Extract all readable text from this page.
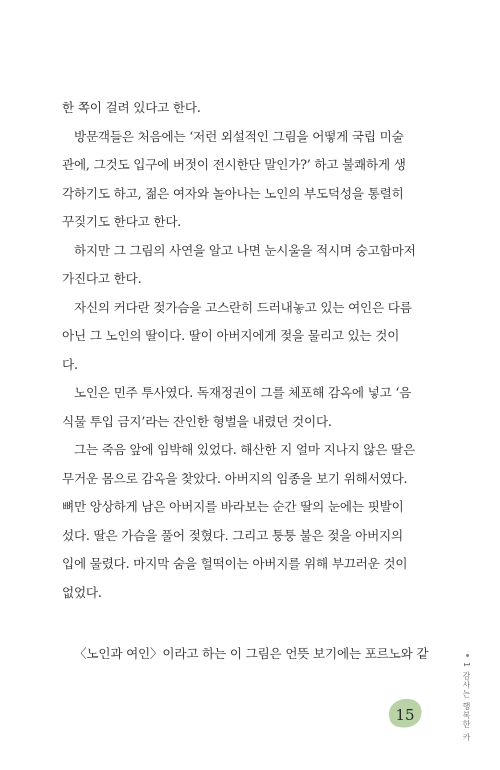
한 쪽이 걸려 있다고 한다.
방문객들은 처음에는 ‘저런 외설적인 그림을 어떻게 국립 미술
관에, 그것도 입구에 버젓이 전시한단 말인가?’ 하고 불쾌하게 생
각하기도 하고, 젊은 여자와 놀아나는 노인의 부도덕성을 통렬히
꾸짖기도 한다고 한다.
하지만 그 그림의 사연을 알고 나면 눈시울을 적시며 숭고함마저
가진다고 한다.
자신의 커다란 젖가슴을 고스란히 드러내놓고 있는 여인은 다름
아닌 그 노인의 딸이다. 딸이 아버지에게 젖을 물리고 있는 것이
다.
노인은 민주 투사였다. 독재정권이 그를 체포해 감옥에 넣고 ‘음
식물 투입 금지’라는 잔인한 형벌을 내렸던 것이다.
그는 죽음 앞에 임박해 있었다. 해산한 지 얼마 지나지 않은 딸은
무거운 몸으로 감옥을 찾았다. 아버지의 임종을 보기 위해서였다.
뼈만 앙상하게 남은 아버지를 바라보는 순간 딸의 눈에는 핏발이
섰다. 딸은 가슴을 풀어 젖혔다. 그리고 퉁퉁 불은 젖을 아버지의
입에 물렸다. 마지막 숨을 헐떡이는 아버지를 위해 부끄러운 것이
없었다.
〈노인과 여인〉이라고 하는 이 그림은 언뜻 보기에는 포르노와 같
1 감사는 행복한 카
15
